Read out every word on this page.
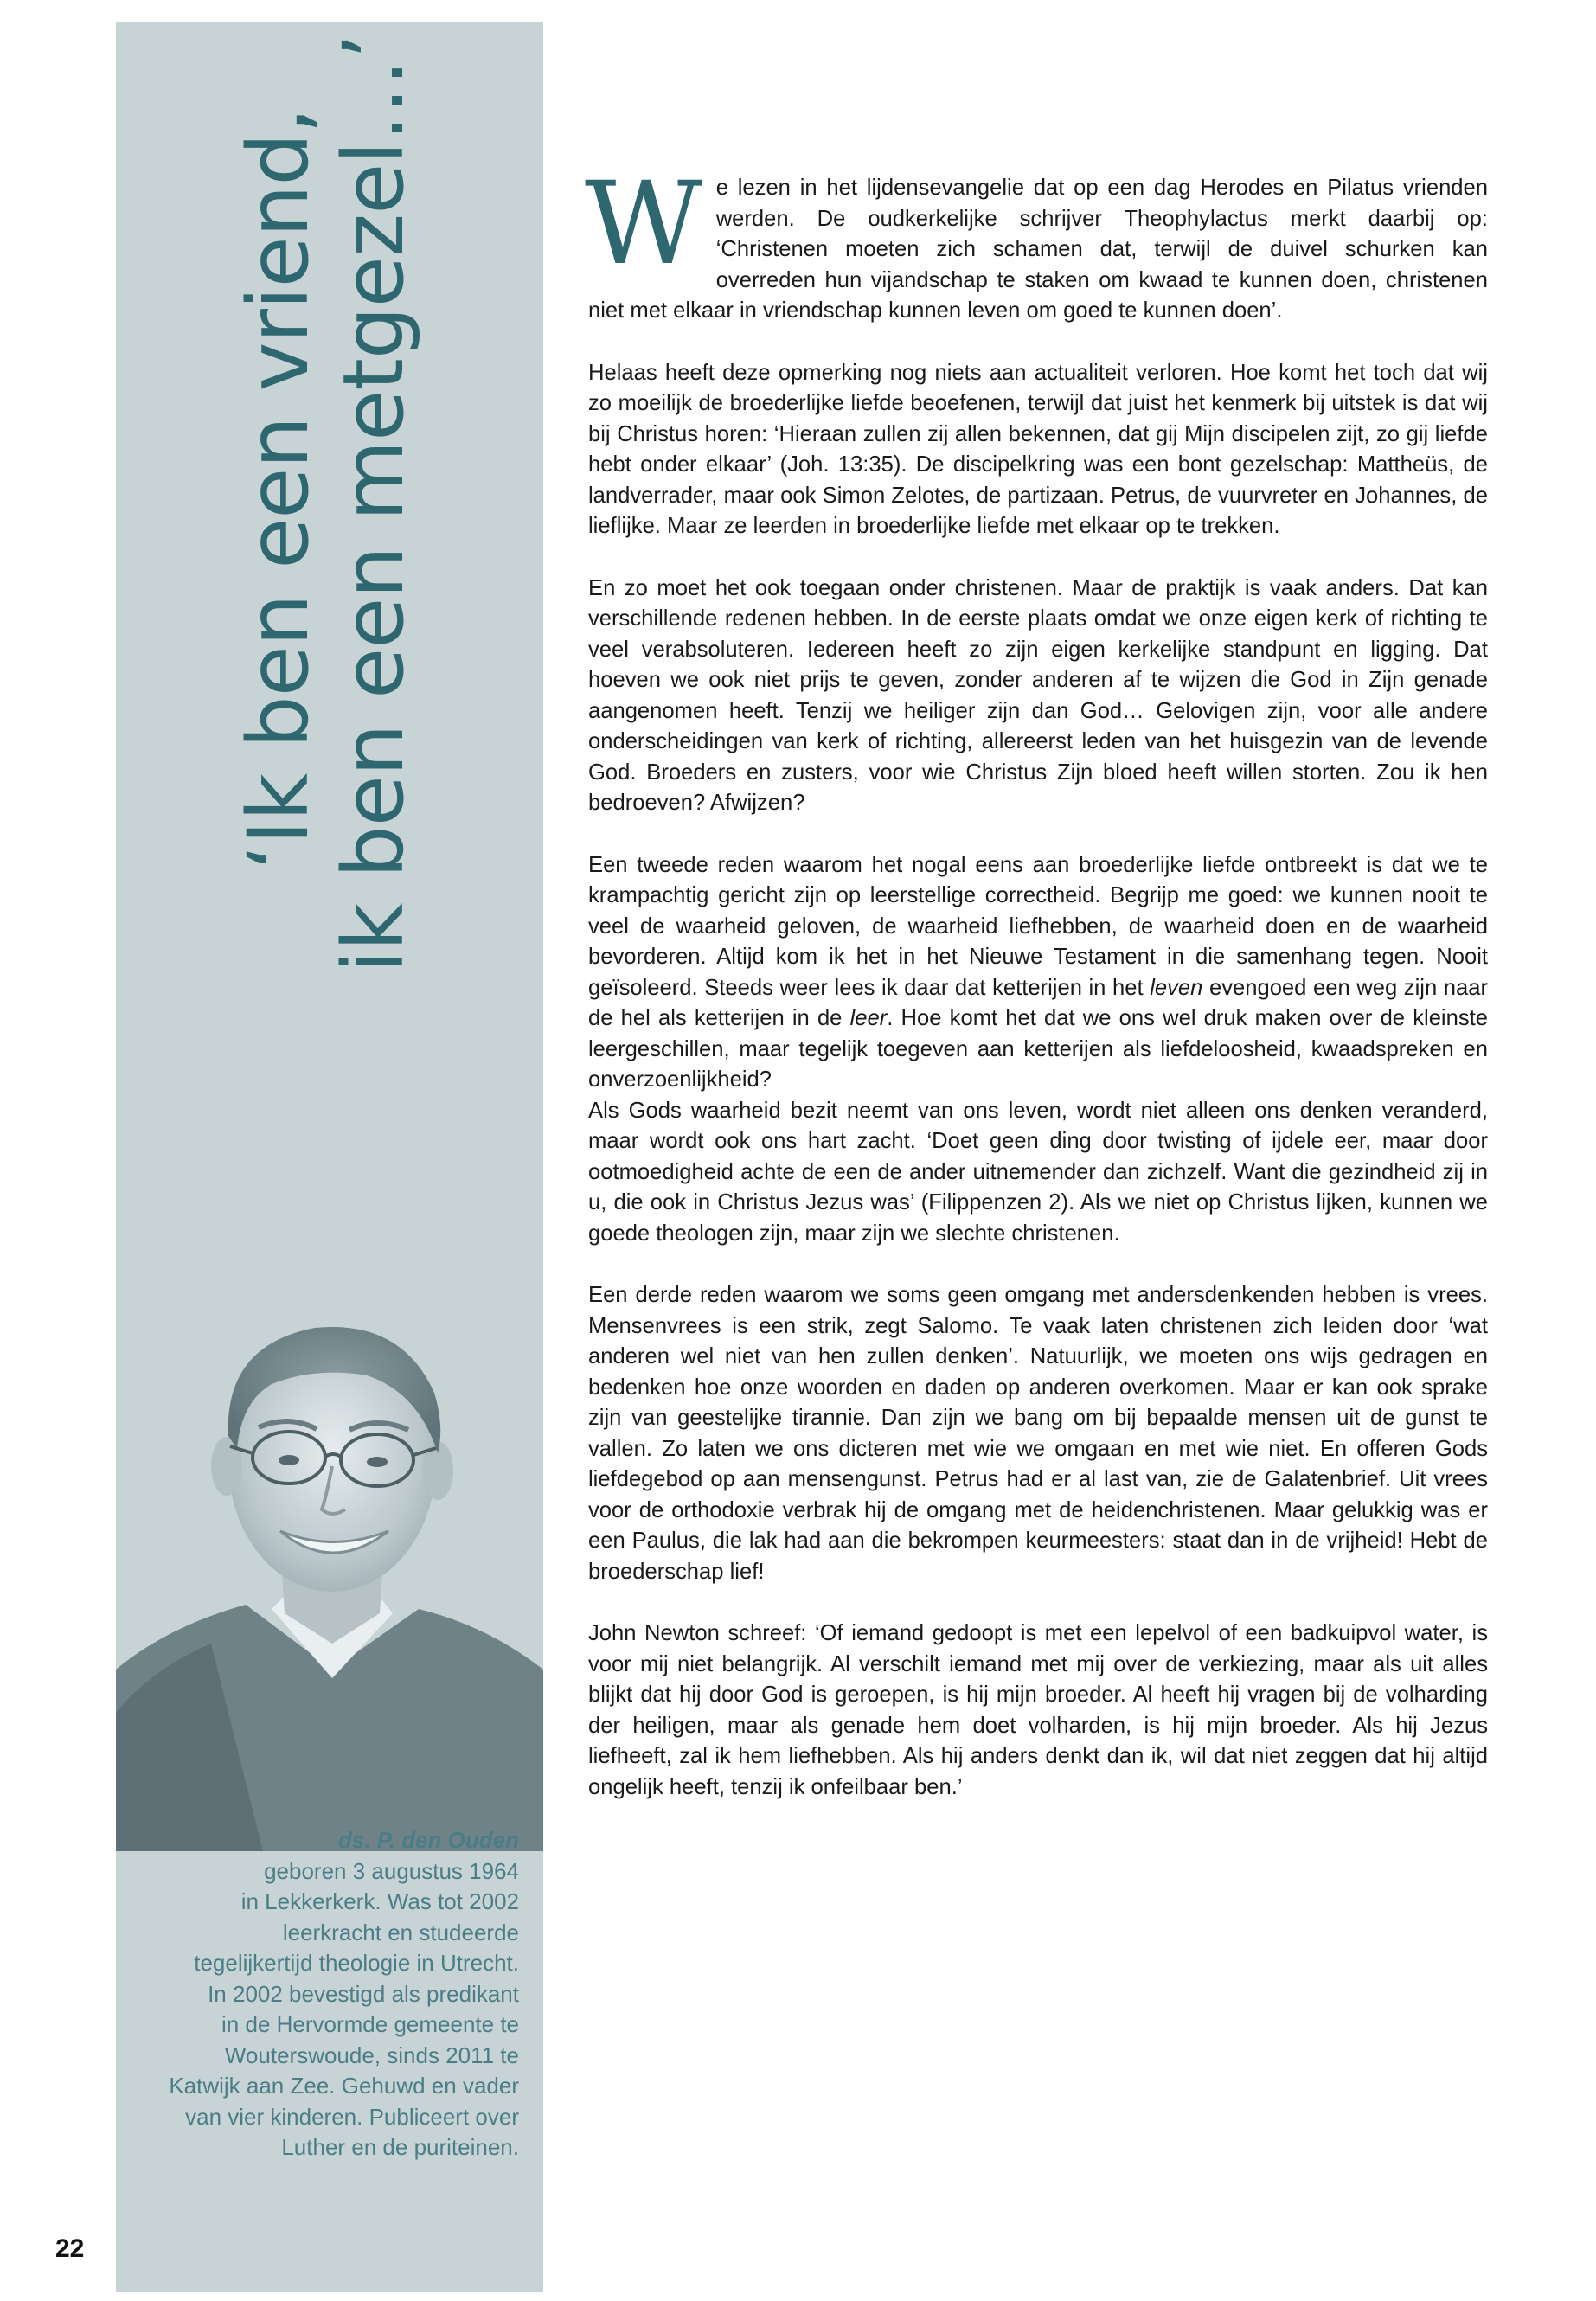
‘Ik ben een vriend,
ik ben een metgezel…’
ds. P. den Ouden
geboren 3 augustus 1964
in Lekkerkerk. Was tot 2002
leerkracht en studeerde
tegelijkertijd theologie in Utrecht.
In 2002 bevestigd als predikant
in de Hervormde gemeente te
Wouterswoude, sinds 2011 te
Katwijk aan Zee. Gehuwd en vader
van vier kinderen. Publiceert over
Luther en de puriteinen.
22

We lezen in het lijdensevangelie dat op een dag Herodes en Pilatus vrienden werden. De oudkerkelijke schrijver Theophylactus merkt daarbij op: ‘Christenen moeten zich schamen dat, terwijl de duivel schurken kan overreden hun vijandschap te staken om kwaad te kunnen doen, christenen niet met elkaar in vriendschap kunnen leven om goed te kunnen doen’.

Helaas heeft deze opmerking nog niets aan actualiteit verloren. Hoe komt het toch dat wij zo moeilijk de broederlijke liefde beoefenen, terwijl dat juist het kenmerk bij uitstek is dat wij bij Christus horen: ‘Hieraan zullen zij allen bekennen, dat gij Mijn discipelen zijt, zo gij liefde hebt onder elkaar’ (Joh. 13:35). De discipelkring was een bont gezelschap: Mattheüs, de landverrader, maar ook Simon Zelotes, de partizaan. Petrus, de vuurvreter en Johannes, de lieflijke. Maar ze leerden in broederlijke liefde met elkaar op te trekken.

En zo moet het ook toegaan onder christenen. Maar de praktijk is vaak anders. Dat kan verschillende redenen hebben. In de eerste plaats omdat we onze eigen kerk of richting te veel verabsoluteren. Iedereen heeft zo zijn eigen kerkelijke standpunt en ligging. Dat hoeven we ook niet prijs te geven, zonder anderen af te wijzen die God in Zijn genade aangenomen heeft. Tenzij we heiliger zijn dan God… Gelovigen zijn, voor alle andere onderscheidingen van kerk of richting, allereerst leden van het huisgezin van de levende God. Broeders en zusters, voor wie Christus Zijn bloed heeft willen storten. Zou ik hen bedroeven? Afwijzen?

Een tweede reden waarom het nogal eens aan broederlijke liefde ontbreekt is dat we te krampachtig gericht zijn op leerstellige correctheid. Begrijp me goed: we kunnen nooit te veel de waarheid geloven, de waarheid liefhebben, de waarheid doen en de waarheid bevorderen. Altijd kom ik het in het Nieuwe Testament in die samenhang tegen. Nooit geïsoleerd. Steeds weer lees ik daar dat ketterijen in het leven evengoed een weg zijn naar de hel als ketterijen in de leer. Hoe komt het dat we ons wel druk maken over de kleinste leergeschillen, maar tegelijk toegeven aan ketterijen als liefdeloosheid, kwaadspreken en onverzoenlijkheid?

Als Gods waarheid bezit neemt van ons leven, wordt niet alleen ons denken veranderd, maar wordt ook ons hart zacht. ‘Doet geen ding door twisting of ijdele eer, maar door ootmoedigheid achte de een de ander uitnemender dan zichzelf. Want die gezindheid zij in u, die ook in Christus Jezus was’ (Filippenzen 2). Als we niet op Christus lijken, kunnen we goede theologen zijn, maar zijn we slechte christenen.

Een derde reden waarom we soms geen omgang met andersdenkenden hebben is vrees. Mensenvrees is een strik, zegt Salomo. Te vaak laten christenen zich leiden door ‘wat anderen wel niet van hen zullen denken’. Natuurlijk, we moeten ons wijs gedragen en bedenken hoe onze woorden en daden op anderen overkomen. Maar er kan ook sprake zijn van geestelijke tirannie. Dan zijn we bang om bij bepaalde mensen uit de gunst te vallen. Zo laten we ons dicteren met wie we omgaan en met wie niet. En offeren Gods liefdegebod op aan mensengunst. Petrus had er al last van, zie de Galatenbrief. Uit vrees voor de orthodoxie verbrak hij de omgang met de heidenchristenen. Maar gelukkig was er een Paulus, die lak had aan die bekrompen keurmeesters: staat dan in de vrijheid! Hebt de broederschap lief!

John Newton schreef: ‘Of iemand gedoopt is met een lepelvol of een badkuipvol water, is voor mij niet belangrijk. Al verschilt iemand met mij over de verkiezing, maar als uit alles blijkt dat hij door God is geroepen, is hij mijn broeder. Al heeft hij vragen bij de volharding der heiligen, maar als genade hem doet volharden, is hij mijn broeder. Als hij Jezus liefheeft, zal ik hem liefhebben. Als hij anders denkt dan ik, wil dat niet zeggen dat hij altijd ongelijk heeft, tenzij ik onfeilbaar ben.’
